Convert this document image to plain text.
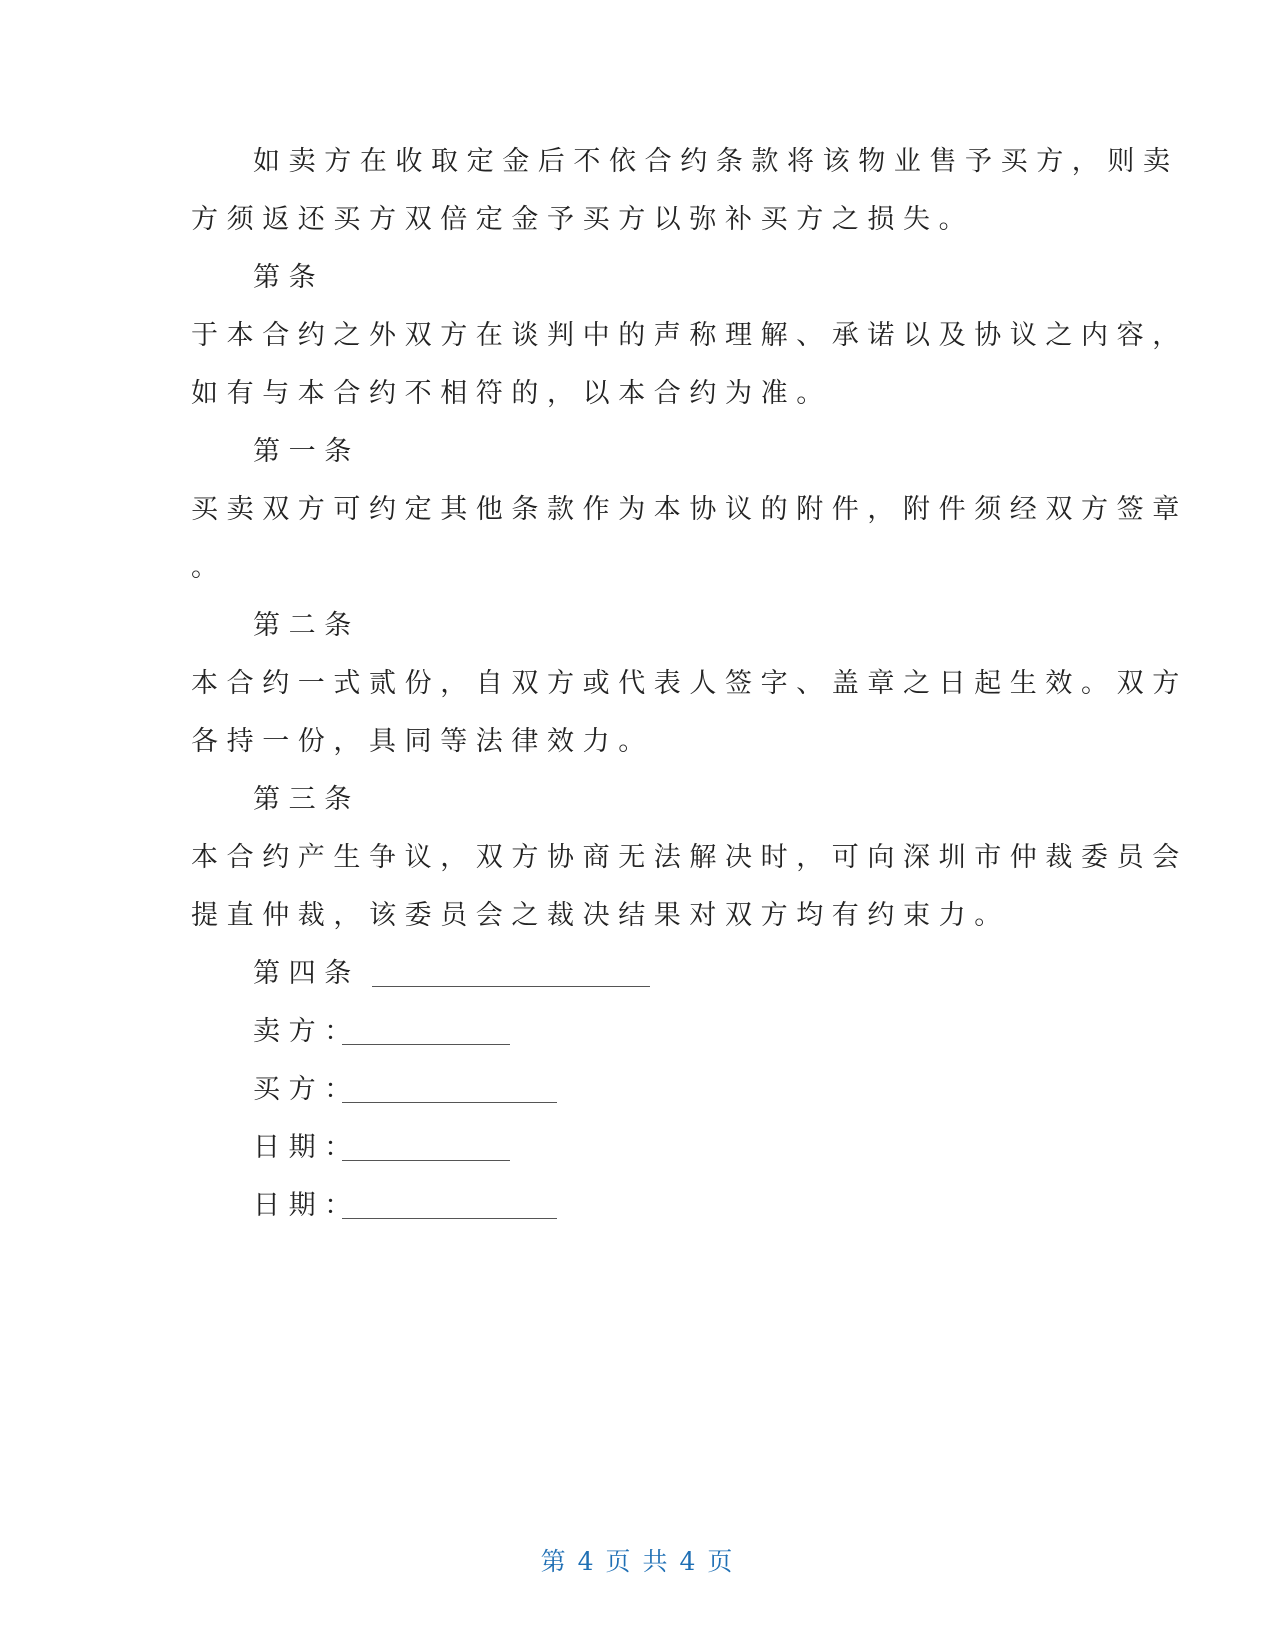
如卖方在收取定金后不依合约条款将该物业售予买方，则卖
方须返还买方双倍定金予买方以弥补买方之损失。
第条
于本合约之外双方在谈判中的声称理解、承诺以及协议之内容，
如有与本合约不相符的，以本合约为准。
第一条
买卖双方可约定其他条款作为本协议的附件，附件须经双方签章
。
第二条
本合约一式贰份，自双方或代表人签字、盖章之日起生效。双方
各持一份，具同等法律效力。
第三条
本合约产生争议，双方协商无法解决时，可向深圳市仲裁委员会
提直仲裁，该委员会之裁决结果对双方均有约束力。
第四条
卖方：
买方：
日期：
日期：
第 4 页 共 4 页
